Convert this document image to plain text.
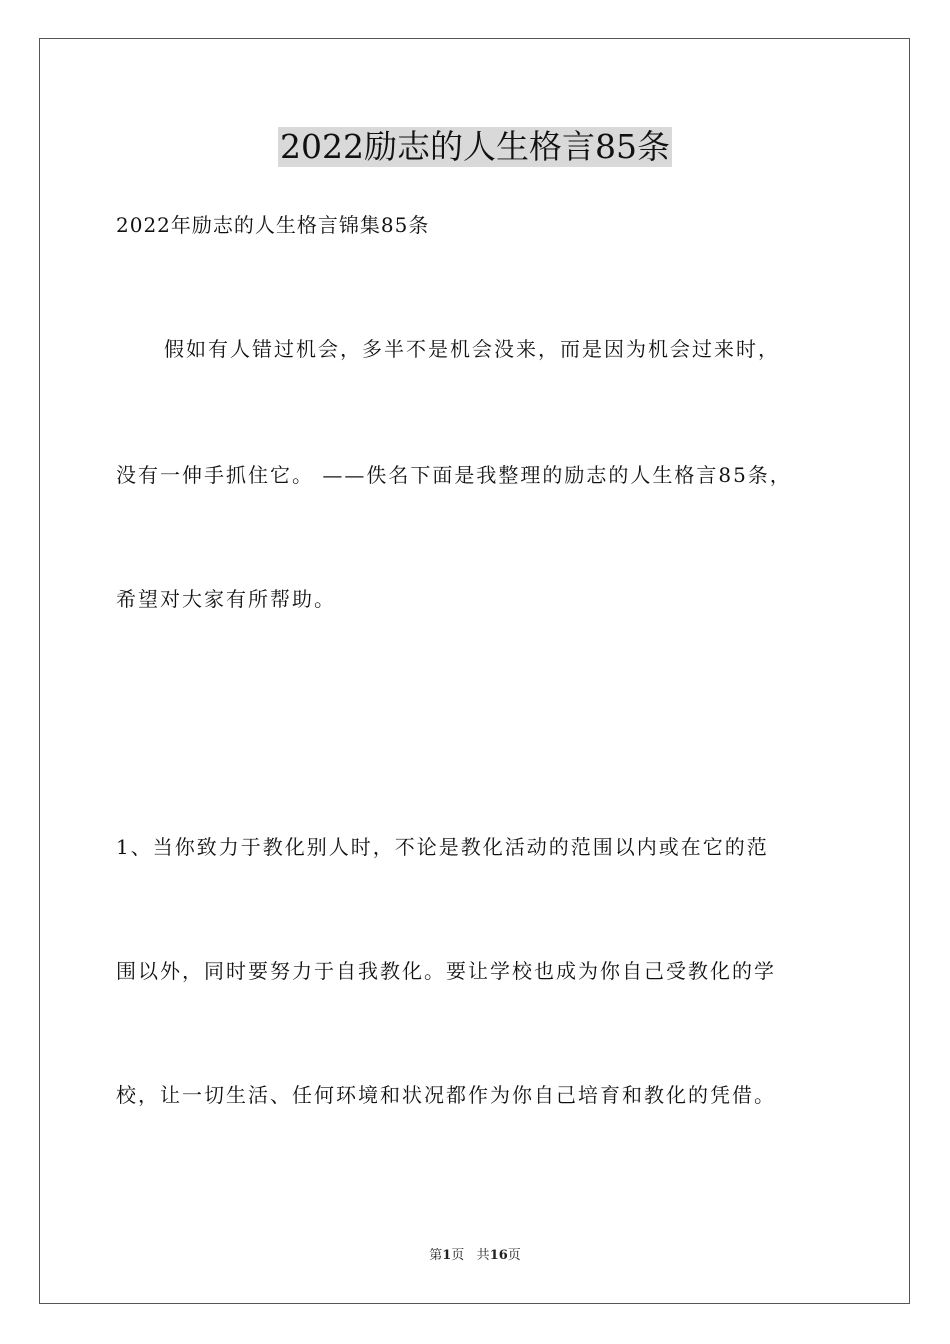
2022励志的人生格言85条
2022年励志的人生格言锦集85条
假如有人错过机会，多半不是机会没来，而是因为机会过来时，
没有一伸手抓住它。 ——佚名下面是我整理的励志的人生格言85条，
希望对大家有所帮助。
1、当你致力于教化别人时，不论是教化活动的范围以内或在它的范
围以外，同时要努力于自我教化。要让学校也成为你自己受教化的学
校，让一切生活、任何环境和状况都作为你自己培育和教化的凭借。
第1页 共16页
